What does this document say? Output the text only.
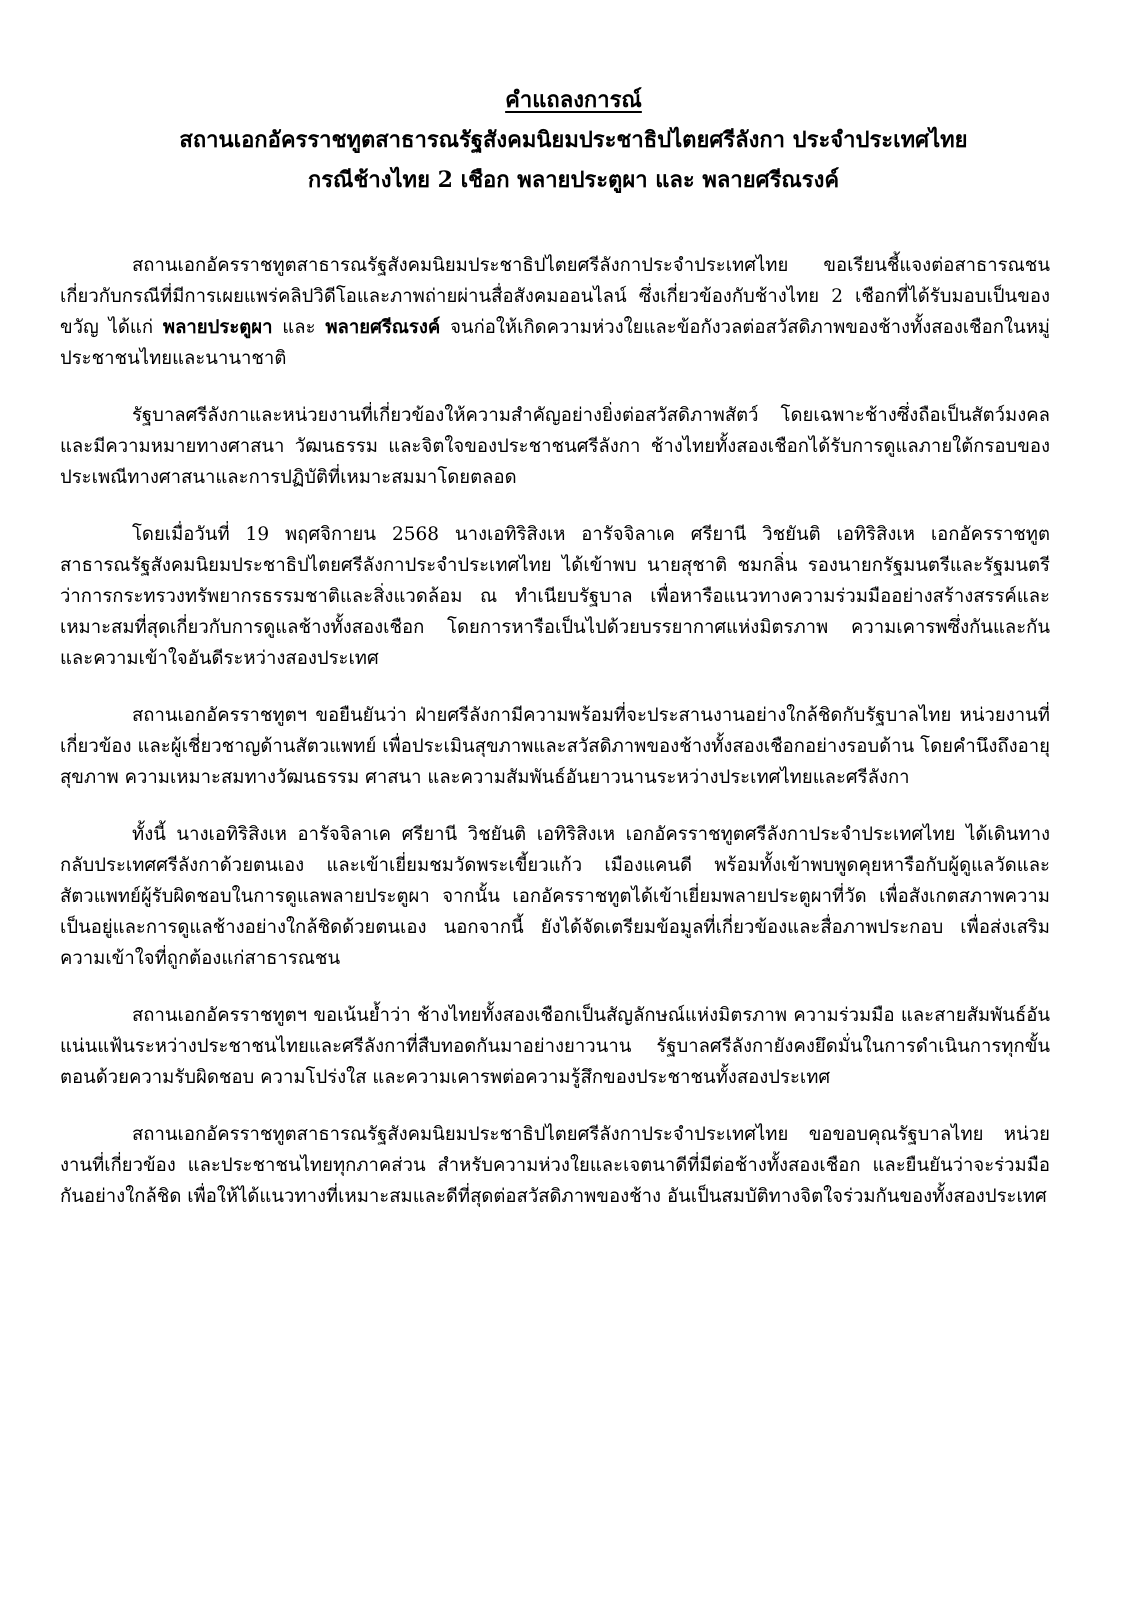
คำแถลงการณ์
สถานเอกอัครราชทูตสาธารณรัฐสังคมนิยมประชาธิปไตยศรีลังกา ประจำประเทศไทย
กรณีช้างไทย 2 เชือก พลายประตูผา และ พลายศรีณรงค์

สถานเอกอัครราชทูตสาธารณรัฐสังคมนิยมประชาธิปไตยศรีลังกาประจำประเทศไทย ขอเรียนชี้แจงต่อสาธารณชนเกี่ยวกับกรณีที่มีการเผยแพร่คลิปวิดีโอและภาพถ่ายผ่านสื่อสังคมออนไลน์ ซึ่งเกี่ยวข้องกับช้างไทย 2 เชือกที่ได้รับมอบเป็นของขวัญ ได้แก่ พลายประตูผา และ พลายศรีณรงค์ จนก่อให้เกิดความห่วงใยและข้อกังวลต่อสวัสดิภาพของช้างทั้งสองเชือกในหมู่ประชาชนไทยและนานาชาติ

รัฐบาลศรีลังกาและหน่วยงานที่เกี่ยวข้องให้ความสำคัญอย่างยิ่งต่อสวัสดิภาพสัตว์ โดยเฉพาะช้างซึ่งถือเป็นสัตว์มงคลและมีความหมายทางศาสนา วัฒนธรรม และจิตใจของประชาชนศรีลังกา ช้างไทยทั้งสองเชือกได้รับการดูแลภายใต้กรอบของประเพณีทางศาสนาและการปฏิบัติที่เหมาะสมมาโดยตลอด

โดยเมื่อวันที่ 19 พฤศจิกายน 2568 นางเอทิริสิงเห อารัจจิลาเค ศรียานี วิชยันติ เอทิริสิงเห เอกอัครราชทูตสาธารณรัฐสังคมนิยมประชาธิปไตยศรีลังกาประจำประเทศไทย ได้เข้าพบ นายสุชาติ ชมกลิ่น รองนายกรัฐมนตรีและรัฐมนตรีว่าการกระทรวงทรัพยากรธรรมชาติและสิ่งแวดล้อม ณ ทำเนียบรัฐบาล เพื่อหารือแนวทางความร่วมมืออย่างสร้างสรรค์และเหมาะสมที่สุดเกี่ยวกับการดูแลช้างทั้งสองเชือก โดยการหารือเป็นไปด้วยบรรยากาศแห่งมิตรภาพ ความเคารพซึ่งกันและกัน และความเข้าใจอันดีระหว่างสองประเทศ

สถานเอกอัครราชทูตฯ ขอยืนยันว่า ฝ่ายศรีลังกามีความพร้อมที่จะประสานงานอย่างใกล้ชิดกับรัฐบาลไทย หน่วยงานที่เกี่ยวข้อง และผู้เชี่ยวชาญด้านสัตวแพทย์ เพื่อประเมินสุขภาพและสวัสดิภาพของช้างทั้งสองเชือกอย่างรอบด้าน โดยคำนึงถึงอายุ สุขภาพ ความเหมาะสมทางวัฒนธรรม ศาสนา และความสัมพันธ์อันยาวนานระหว่างประเทศไทยและศรีลังกา

ทั้งนี้ นางเอทิริสิงเห อารัจจิลาเค ศรียานี วิชยันติ เอทิริสิงเห เอกอัครราชทูตศรีลังกาประจำประเทศไทย ได้เดินทางกลับประเทศศรีลังกาด้วยตนเอง และเข้าเยี่ยมชมวัดพระเขี้ยวแก้ว เมืองแคนดี พร้อมทั้งเข้าพบพูดคุยหารือกับผู้ดูแลวัดและสัตวแพทย์ผู้รับผิดชอบในการดูแลพลายประตูผา จากนั้น เอกอัครราชทูตได้เข้าเยี่ยมพลายประตูผาที่วัด เพื่อสังเกตสภาพความเป็นอยู่และการดูแลช้างอย่างใกล้ชิดด้วยตนเอง นอกจากนี้ ยังได้จัดเตรียมข้อมูลที่เกี่ยวข้องและสื่อภาพประกอบ เพื่อส่งเสริมความเข้าใจที่ถูกต้องแก่สาธารณชน

สถานเอกอัครราชทูตฯ ขอเน้นย้ำว่า ช้างไทยทั้งสองเชือกเป็นสัญลักษณ์แห่งมิตรภาพ ความร่วมมือ และสายสัมพันธ์อันแน่นแฟ้นระหว่างประชาชนไทยและศรีลังกาที่สืบทอดกันมาอย่างยาวนาน รัฐบาลศรีลังกายังคงยึดมั่นในการดำเนินการทุกขั้นตอนด้วยความรับผิดชอบ ความโปร่งใส และความเคารพต่อความรู้สึกของประชาชนทั้งสองประเทศ

สถานเอกอัครราชทูตสาธารณรัฐสังคมนิยมประชาธิปไตยศรีลังกาประจำประเทศไทย ขอขอบคุณรัฐบาลไทย หน่วยงานที่เกี่ยวข้อง และประชาชนไทยทุกภาคส่วน สำหรับความห่วงใยและเจตนาดีที่มีต่อช้างทั้งสองเชือก และยืนยันว่าจะร่วมมือกันอย่างใกล้ชิด เพื่อให้ได้แนวทางที่เหมาะสมและดีที่สุดต่อสวัสดิภาพของช้าง อันเป็นสมบัติทางจิตใจร่วมกันของทั้งสองประเทศ
